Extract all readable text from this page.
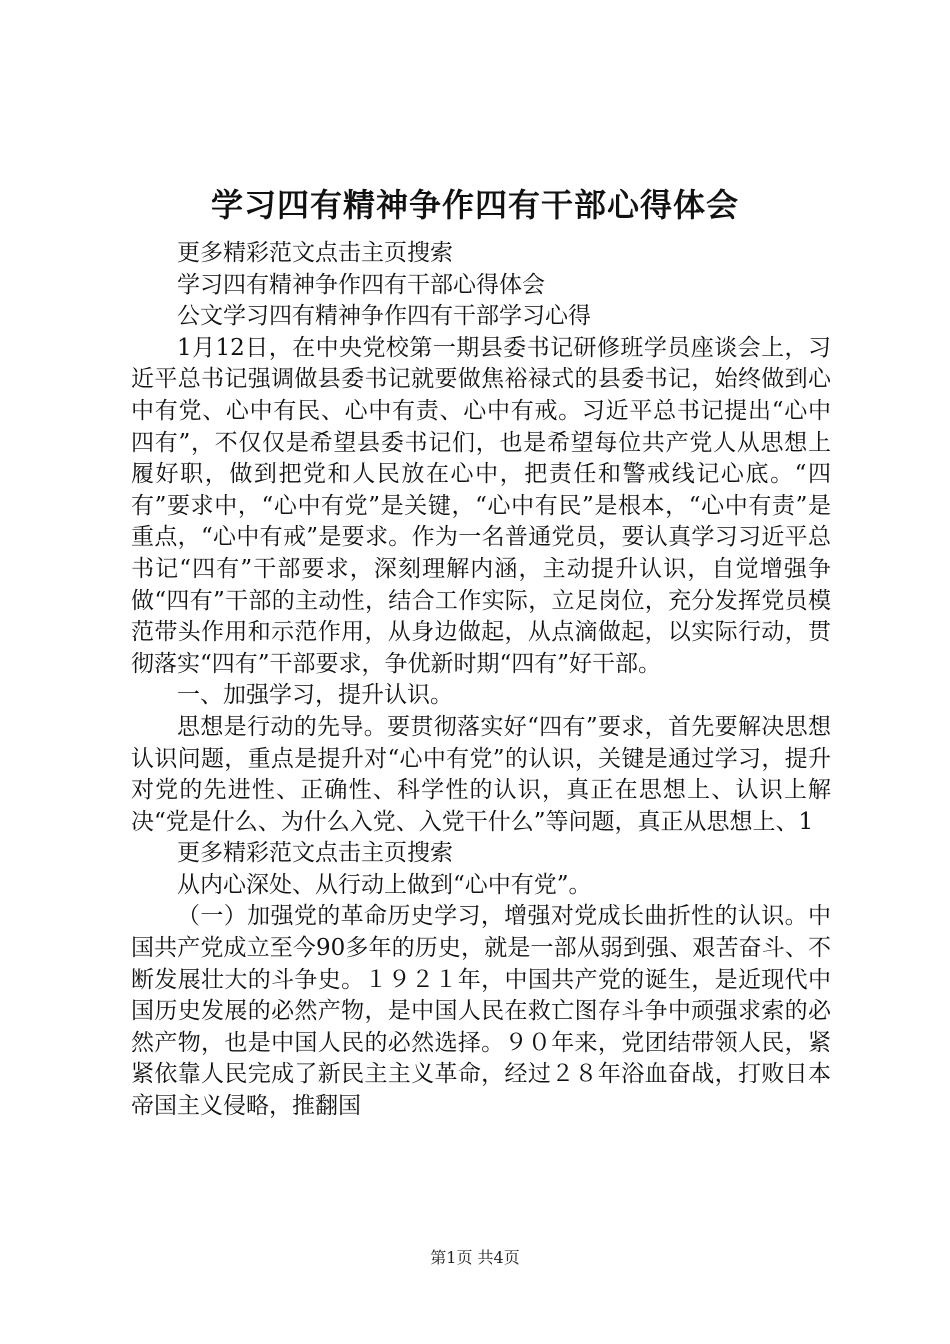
学习四有精神争作四有干部心得体会

更多精彩范文点击主页搜索

学习四有精神争作四有干部心得体会

公文学习四有精神争作四有干部学习心得

1月12日，在中央党校第一期县委书记研修班学员座谈会上，习近平总书记强调做县委书记就要做焦裕禄式的县委书记，始终做到心中有党、心中有民、心中有责、心中有戒。习近平总书记提出“心中四有”，不仅仅是希望县委书记们，也是希望每位共产党人从思想上履好职，做到把党和人民放在心中，把责任和警戒线记心底。“四有”要求中，“心中有党”是关键，“心中有民”是根本，“心中有责”是重点，“心中有戒”是要求。作为一名普通党员，要认真学习习近平总书记“四有”干部要求，深刻理解内涵，主动提升认识，自觉增强争做“四有”干部的主动性，结合工作实际，立足岗位，充分发挥党员模范带头作用和示范作用，从身边做起，从点滴做起，以实际行动，贯彻落实“四有”干部要求，争优新时期“四有”好干部。

一、加强学习，提升认识。

思想是行动的先导。要贯彻落实好“四有”要求，首先要解决思想认识问题，重点是提升对“心中有党”的认识，关键是通过学习，提升对党的先进性、正确性、科学性的认识，真正在思想上、认识上解决“党是什么、为什么入党、入党干什么”等问题，真正从思想上、1

更多精彩范文点击主页搜索

从内心深处、从行动上做到“心中有党”。

（一）加强党的革命历史学习，增强对党成长曲折性的认识。中国共产党成立至今90多年的历史，就是一部从弱到强、艰苦奋斗、不断发展壮大的斗争史。１９２１年，中国共产党的诞生，是近现代中国历史发展的必然产物，是中国人民在救亡图存斗争中顽强求索的必然产物，也是中国人民的必然选择。９０年来，党团结带领人民，紧紧依靠人民完成了新民主主义革命，经过２８年浴血奋战，打败日本帝国主义侵略，推翻国

第1页 共4页
